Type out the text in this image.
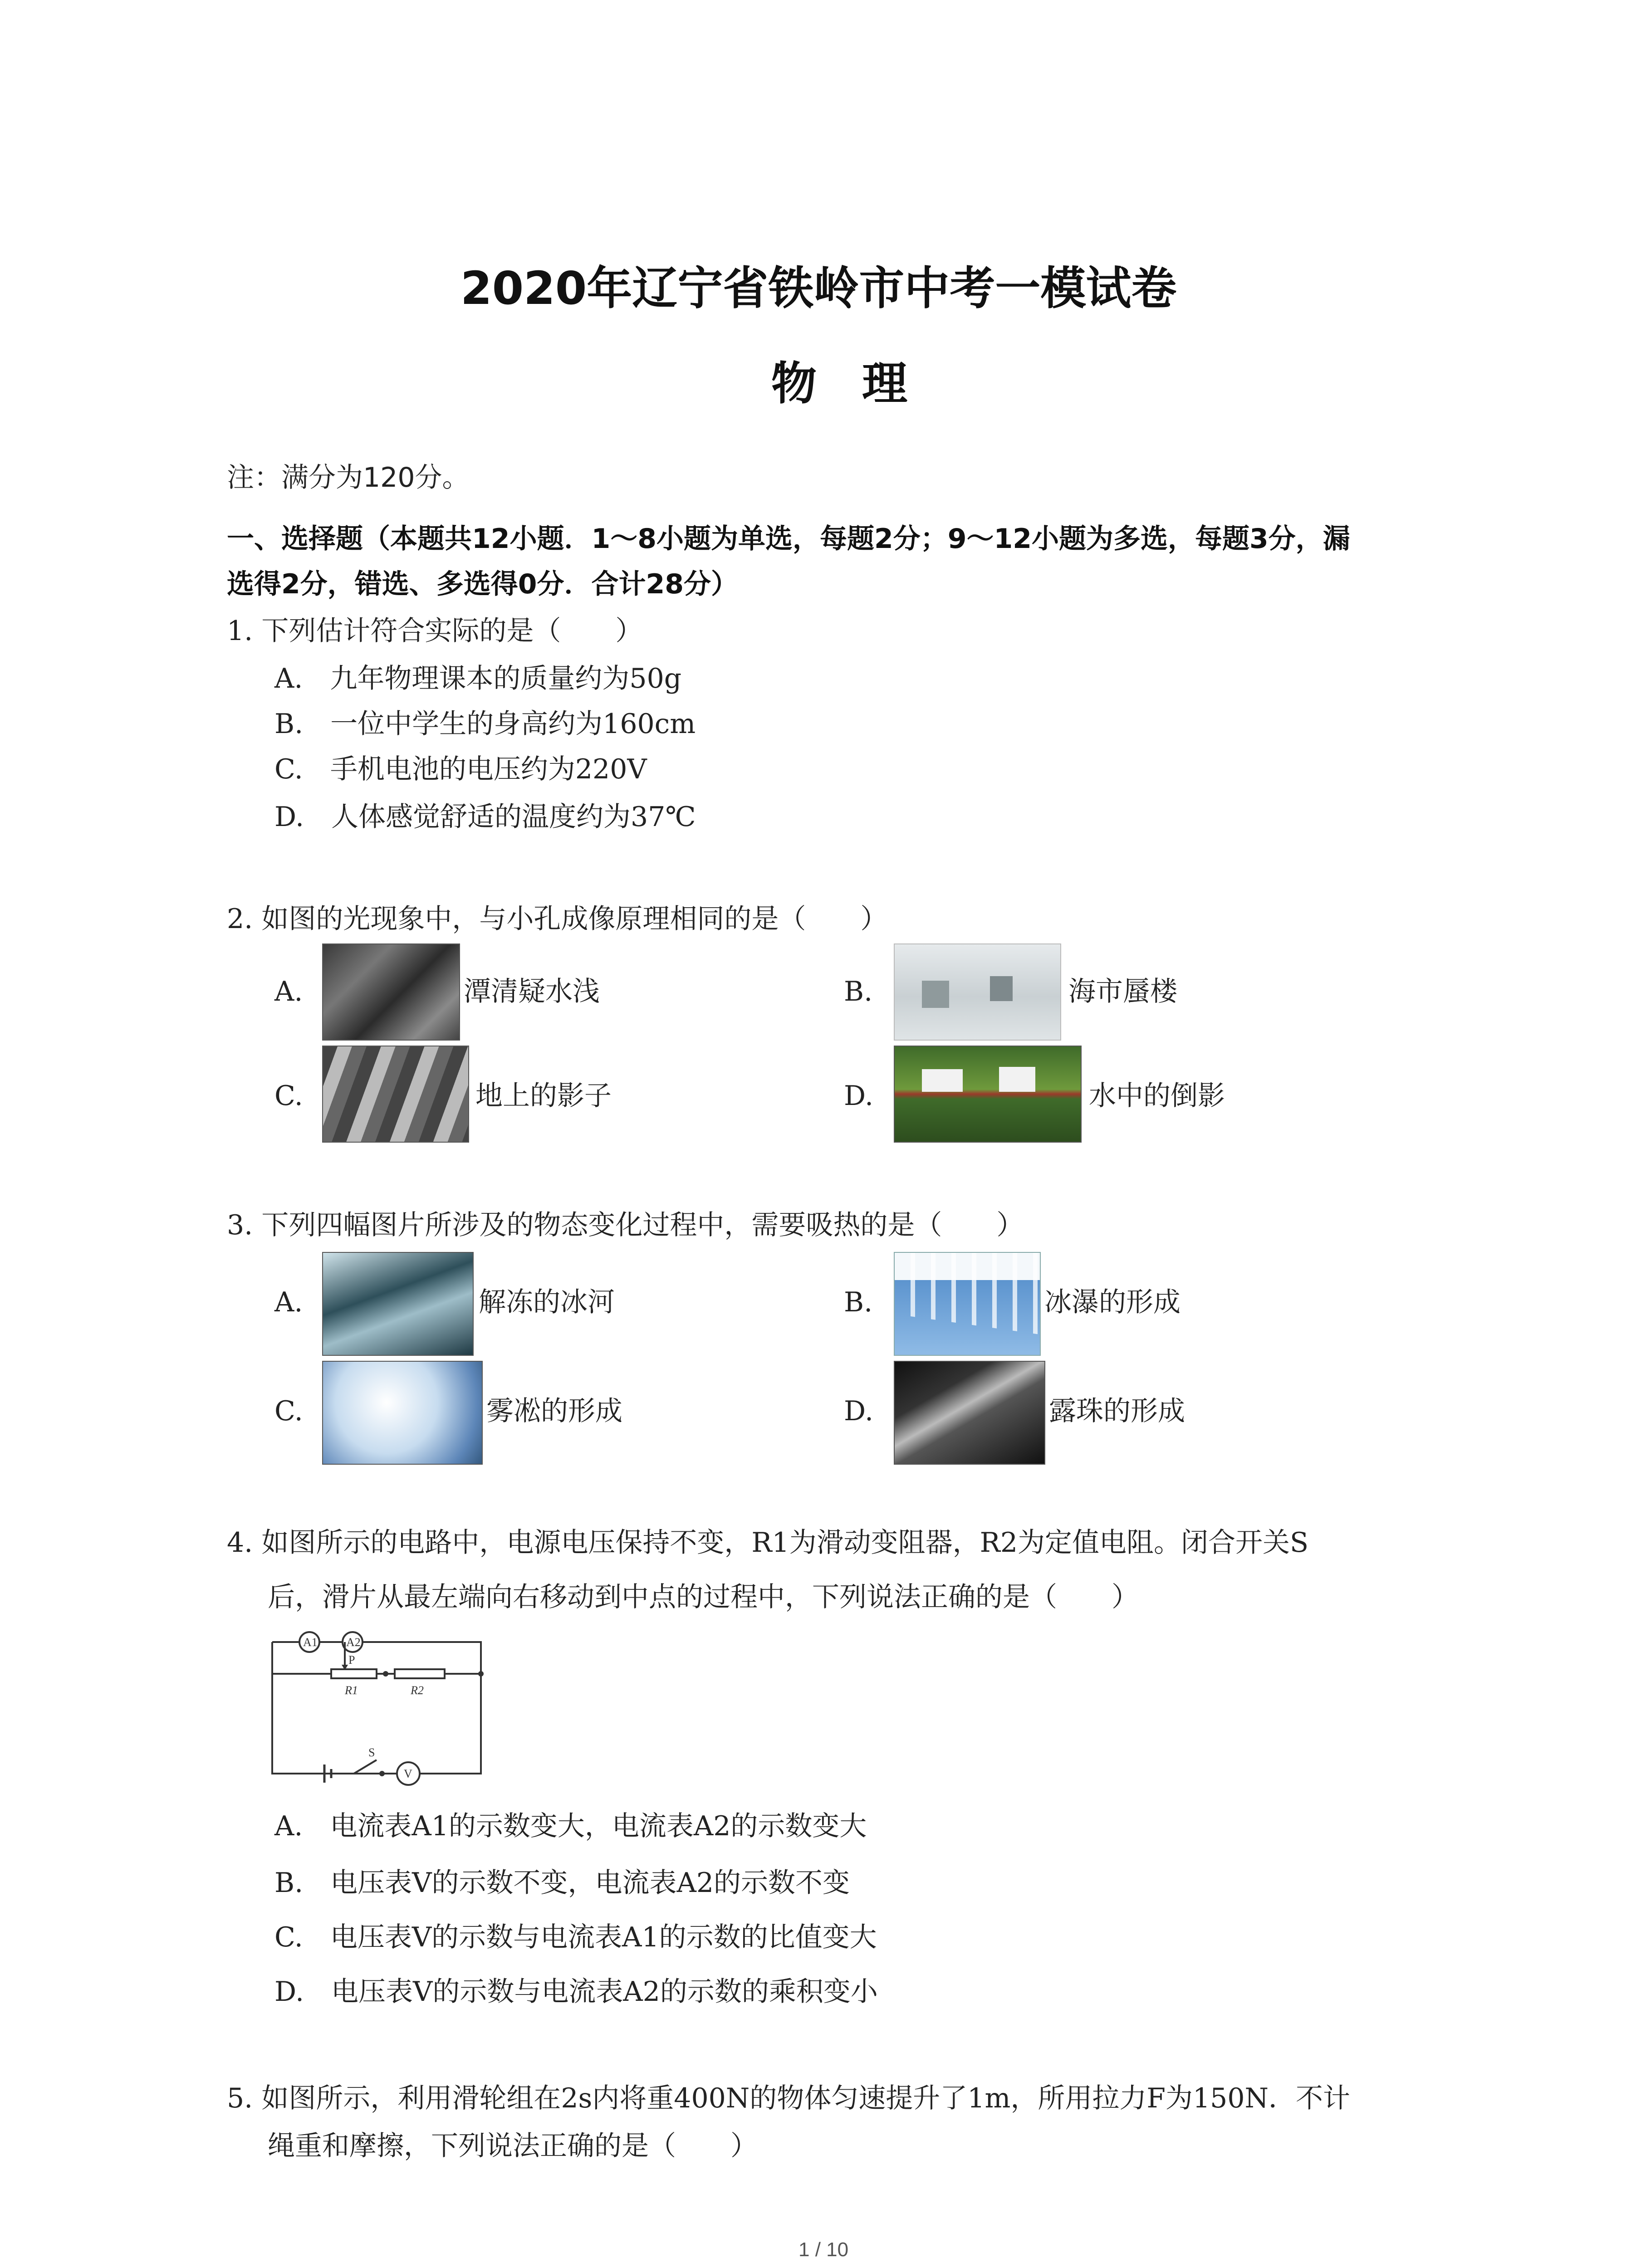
2020年辽宁省铁岭市中考一模试卷
物　理
注：满分为120分。
一、选择题（本题共12小题．1～8小题为单选，每题2分；9～12小题为多选，每题3分，漏
选得2分，错选、多选得0分．合计28分）
1. 下列估计符合实际的是（　　）
A.　九年物理课本的质量约为50g
B.　一位中学生的身高约为160cm
C.　手机电池的电压约为220V
D.　人体感觉舒适的温度约为37℃
2. 如图的光现象中，与小孔成像原理相同的是（　　）
A.	潭清疑水浅	B.	海市蜃楼
C.	地上的影子	D.	水中的倒影
3. 下列四幅图片所涉及的物态变化过程中，需要吸热的是（　　）
A.	解冻的冰河	B.	冰瀑的形成
C.	雾凇的形成	D.	露珠的形成
4. 如图所示的电路中，电源电压保持不变，R1为滑动变阻器，R2为定值电阻。闭合开关S
后，滑片从最左端向右移动到中点的过程中，下列说法正确的是（　　）
A1 A2
P
R1	R2
S
V
A.　电流表A1的示数变大，电流表A2的示数变大
B.　电压表V的示数不变，电流表A2的示数不变
C.　电压表V的示数与电流表A1的示数的比值变大
D.　电压表V的示数与电流表A2的示数的乘积变小
5. 如图所示，利用滑轮组在2s内将重400N的物体匀速提升了1m，所用拉力F为150N．不计
绳重和摩擦，下列说法正确的是（　　）
1 / 10
